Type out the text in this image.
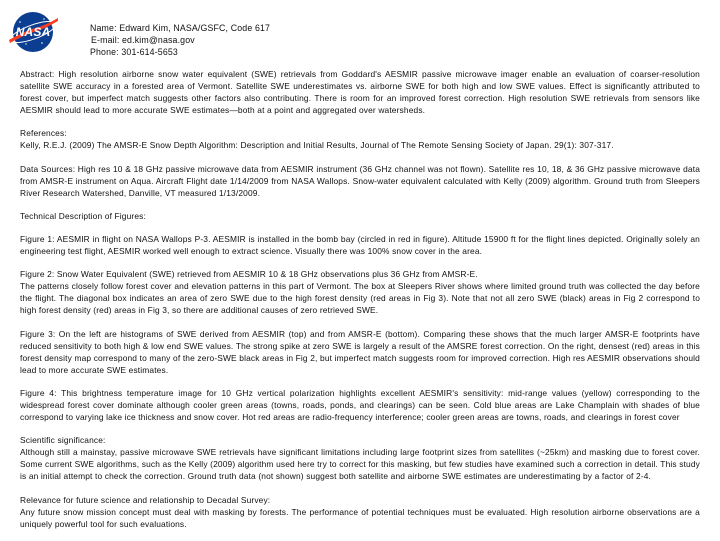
NASA	Name: Edward Kim, NASA/GSFC, Code 617
E-mail: ed.kim@nasa.gov
Phone: 301-614-5653

Abstract: High resolution airborne snow water equivalent (SWE) retrievals from Goddard's AESMIR passive microwave imager enable an evaluation of coarser-resolution satellite SWE accuracy in a forested area of Vermont. Satellite SWE underestimates vs. airborne SWE for both high and low SWE values. Effect is significantly attributed to forest cover, but imperfect match suggests other factors also contributing. There is room for an improved forest correction. High resolution SWE retrievals from sensors like AESMIR should lead to more accurate SWE estimates—both at a point and aggregated over watersheds.

References:

Kelly, R.E.J. (2009) The AMSR-E Snow Depth Algorithm: Description and Initial Results, Journal of The Remote Sensing Society of Japan. 29(1): 307-317.

Data Sources: High res 10 & 18 GHz passive microwave data from AESMIR instrument (36 GHz channel was not flown). Satellite res 10, 18, & 36 GHz passive microwave data from AMSR-E instrument on Aqua. Aircraft Flight date 1/14/2009 from NASA Wallops. Snow-water equivalent calculated with Kelly (2009) algorithm. Ground truth from Sleepers River Research Watershed, Danville, VT measured 1/13/2009.

Technical Description of Figures:

Figure 1: AESMIR in flight on NASA Wallops P-3. AESMIR is installed in the bomb bay (circled in red in figure). Altitude 15900 ft for the flight lines depicted. Originally solely an engineering test flight, AESMIR worked well enough to extract science. Visually there was 100% snow cover in the area.

Figure 2: Snow Water Equivalent (SWE) retrieved from AESMIR 10 & 18 GHz observations plus 36 GHz from AMSR-E.

The patterns closely follow forest cover and elevation patterns in this part of Vermont. The box at Sleepers River shows where limited ground truth was collected the day before the flight. The diagonal box indicates an area of zero SWE due to the high forest density (red areas in Fig 3). Note that not all zero SWE (black) areas in Fig 2 correspond to high forest density (red) areas in Fig 3, so there are additional causes of zero retrieved SWE.

Figure 3: On the left are histograms of SWE derived from AESMIR (top) and from AMSR-E (bottom). Comparing these shows that the much larger AMSR-E footprints have reduced sensitivity to both high & low end SWE values. The strong spike at zero SWE is largely a result of the AMSRE forest correction. On the right, densest (red) areas in this forest density map correspond to many of the zero-SWE black areas in Fig 2, but imperfect match suggests room for improved correction. High res AESMIR observations should lead to more accurate SWE estimates.

Figure 4: This brightness temperature image for 10 GHz vertical polarization highlights excellent AESMIR's sensitivity: mid-range values (yellow) corresponding to the widespread forest cover dominate although cooler green areas (towns, roads, ponds, and clearings) can be seen. Cold blue areas are Lake Champlain with shades of blue correspond to varying lake ice thickness and snow cover. Hot red areas are radio-frequency interference; cooler green areas are towns, roads, and clearings in forest cover

Scientific significance:

Although still a mainstay, passive microwave SWE retrievals have significant limitations including large footprint sizes from satellites (~25km) and masking due to forest cover. Some current SWE algorithms, such as the Kelly (2009) algorithm used here try to correct for this masking, but few studies have examined such a correction in detail. This study is an initial attempt to check the correction. Ground truth data (not shown) suggest both satellite and airborne SWE estimates are underestimating by a factor of 2-4.

Relevance for future science and relationship to Decadal Survey:

Any future snow mission concept must deal with masking by forests. The performance of potential techniques must be evaluated. High resolution airborne observations are a uniquely powerful tool for such evaluations.
